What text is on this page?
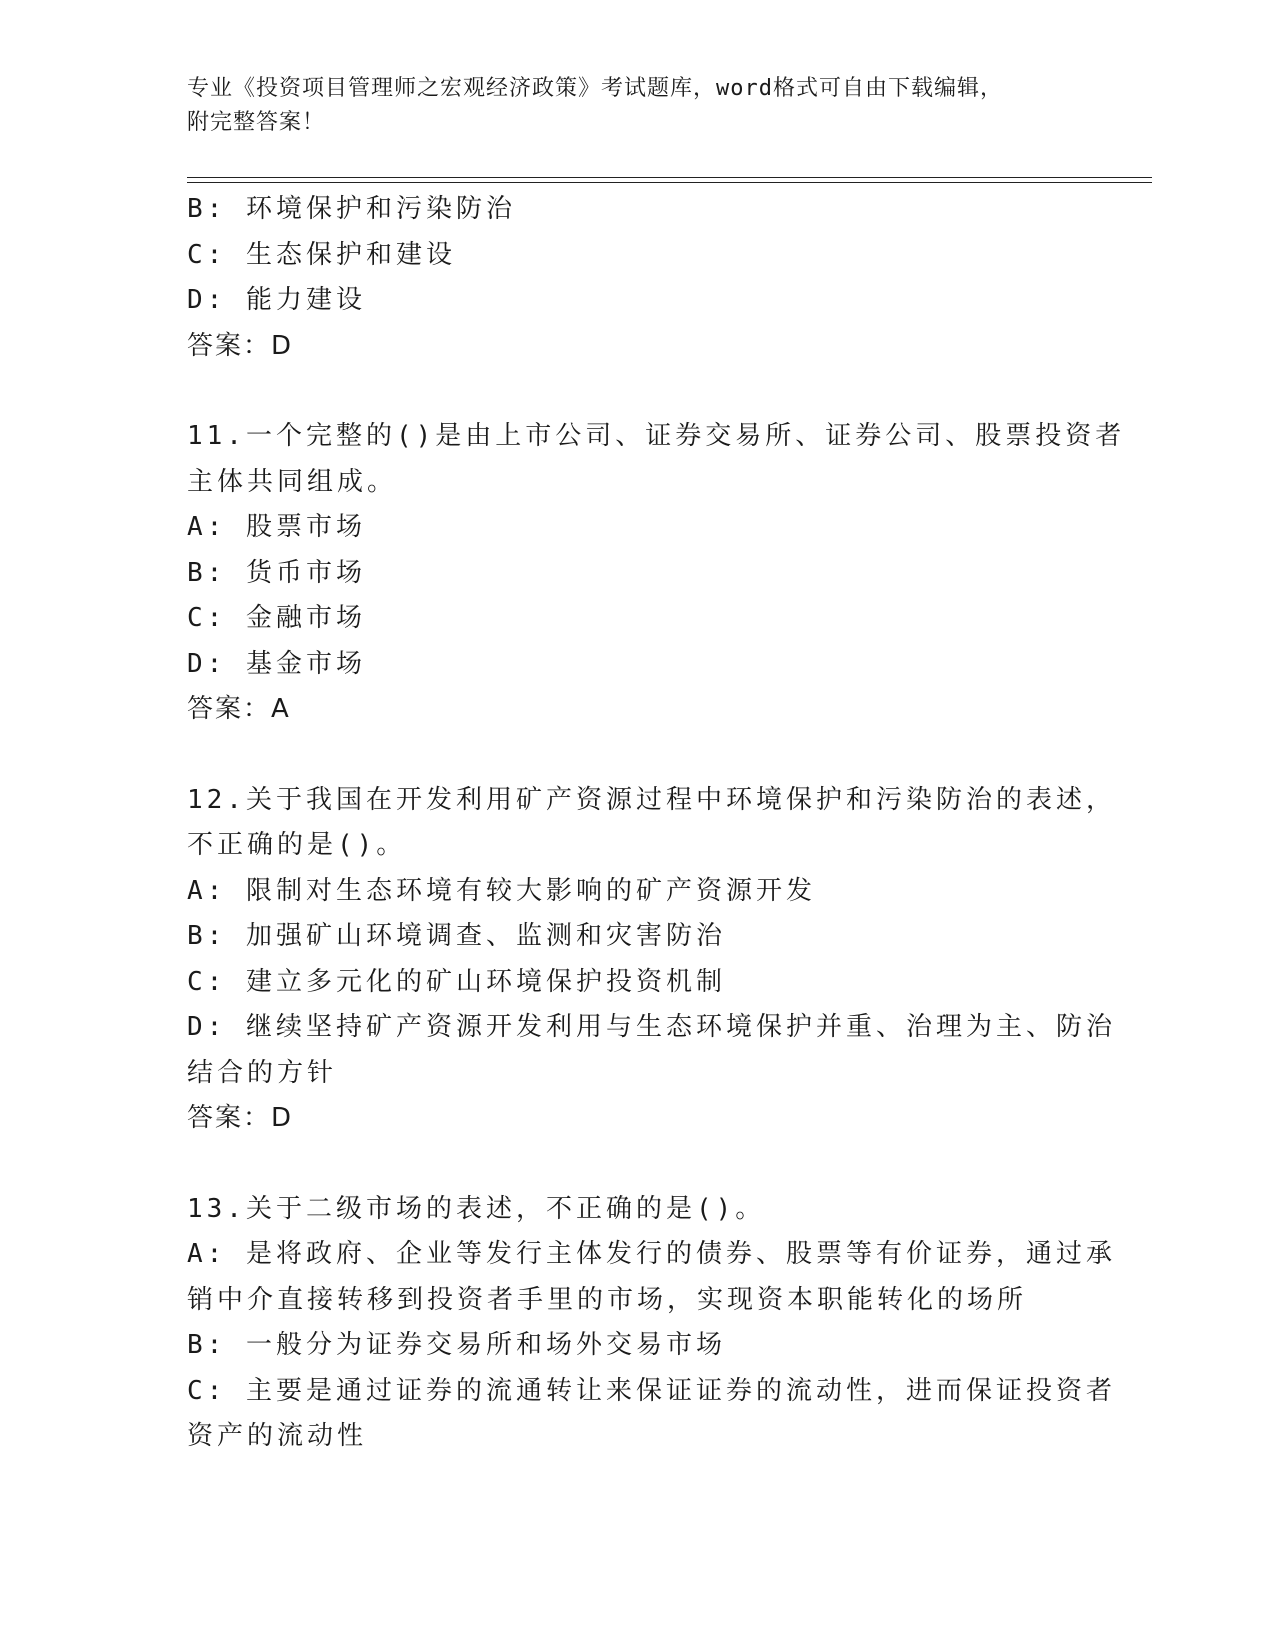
专业《投资项目管理师之宏观经济政策》考试题库，word格式可自由下载编辑，
附完整答案！
B: 环境保护和污染防治
C: 生态保护和建设
D: 能力建设
答案：D
11.一个完整的()是由上市公司、证券交易所、证券公司、股票投资者
主体共同组成。
A: 股票市场
B: 货币市场
C: 金融市场
D: 基金市场
答案：A
12.关于我国在开发利用矿产资源过程中环境保护和污染防治的表述，
不正确的是()。
A: 限制对生态环境有较大影响的矿产资源开发
B: 加强矿山环境调查、监测和灾害防治
C: 建立多元化的矿山环境保护投资机制
D: 继续坚持矿产资源开发利用与生态环境保护并重、治理为主、防治
结合的方针
答案：D
13.关于二级市场的表述，不正确的是()。
A: 是将政府、企业等发行主体发行的债券、股票等有价证券，通过承
销中介直接转移到投资者手里的市场，实现资本职能转化的场所
B: 一般分为证券交易所和场外交易市场
C: 主要是通过证券的流通转让来保证证券的流动性，进而保证投资者
资产的流动性
